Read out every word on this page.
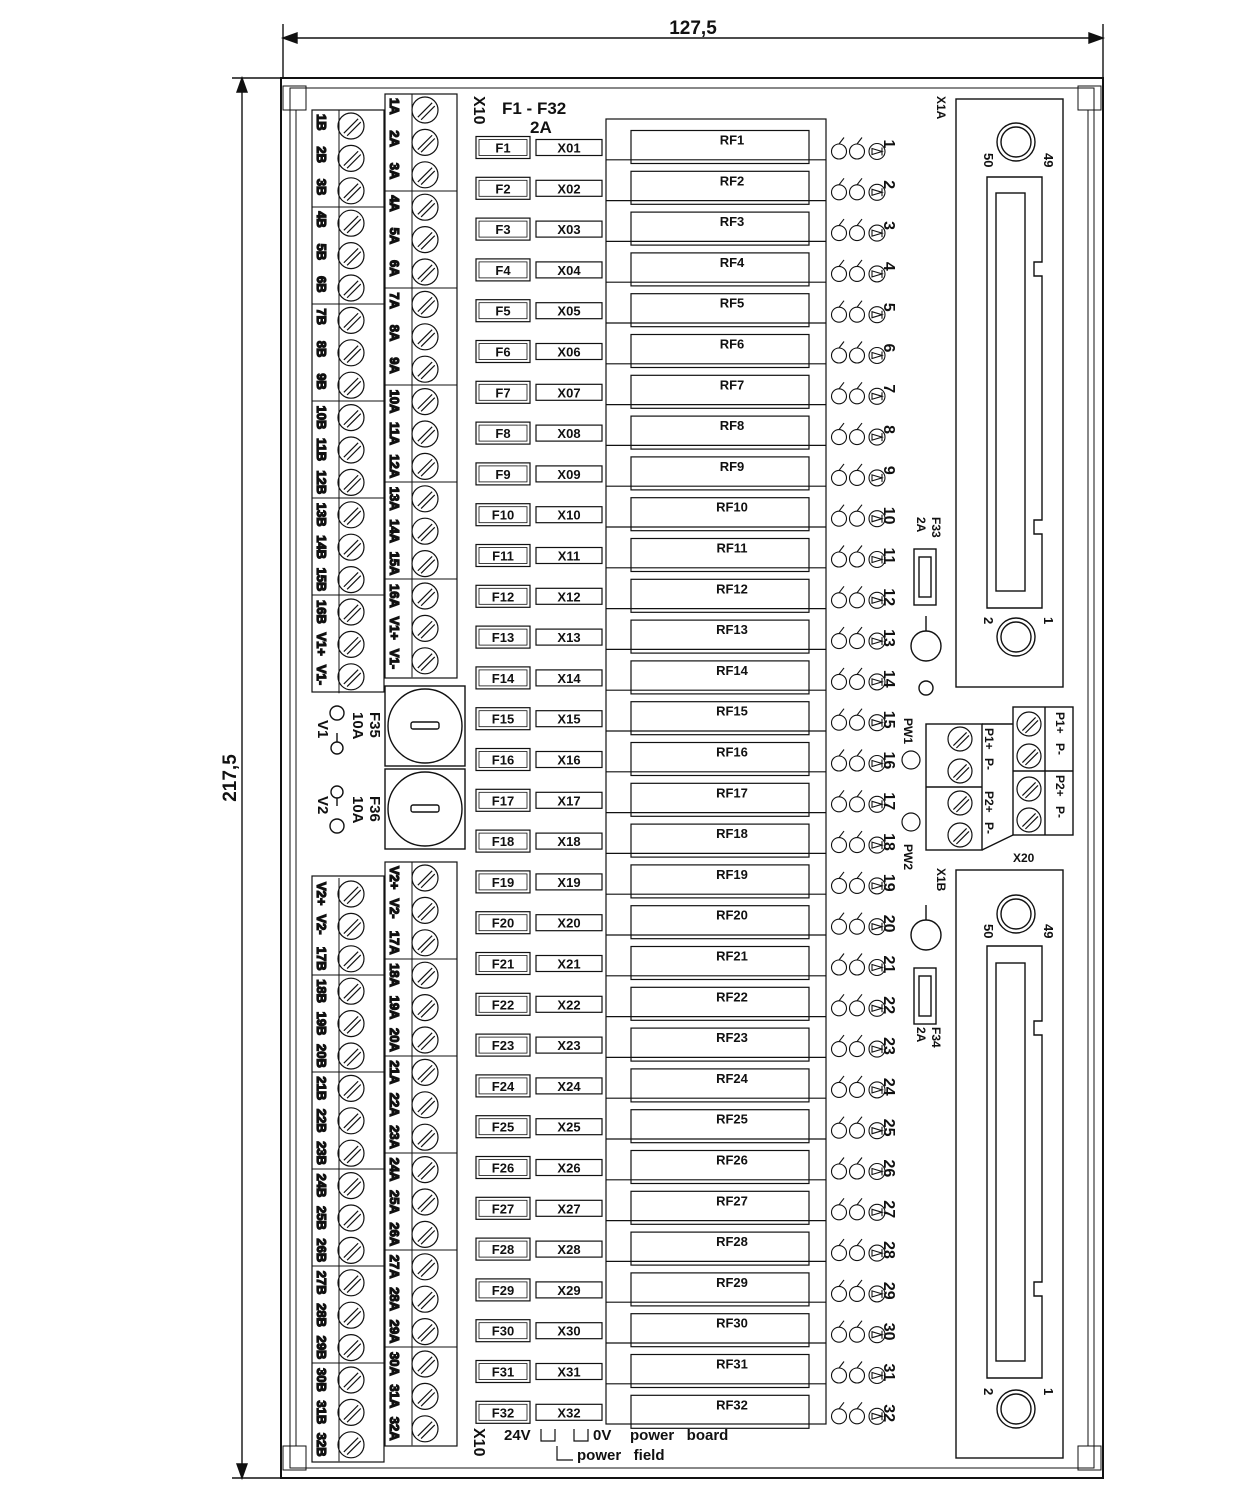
127,5
217,5
1A
2A
3A
4A
5A
6A
7A
8A
9A
10A
11A
12A
13A
14A
15A
16A
V1+
V1-
1B
2B
3B
4B
5B
6B
7B
8B
9B
10B
11B
12B
13B
14B
15B
16B
V1+
V1-
V2+
V2-
17A
18A
19A
20A
21A
22A
23A
24A
25A
26A
27A
28A
29A
30A
31A
32A
V2+
V2-
17B
18B
19B
20B
21B
22B
23B
24B
25B
26B
27B
28B
29B
30B
31B
32B
F35
10A
V1
F36
10A
V2
X10 F1 - F32
2A
X10
F1	X01
RF1	1
F2	X02
RF2	2
F3	X03
RF3	3
F4	X04
RF4	4
F5	X05
RF5	5
F6	X06
RF6	6
F7	X07
RF7	7
F8	X08
RF8	8
F9	X09
RF9	9
F10	X10
RF10	10
F11	X11
RF11	11
F12	X12
RF12	12
F13	X13
RF13	13
F14	X14
RF14	14
F15	X15
RF15	15
F16	X16
RF16	16
F17	X17
RF17	17
F18	X18
RF18	18
F19	X19
RF19	19
F20	X20
RF20	20
F21	X21
RF21	21
F22	X22
RF22	22
F23	X23
RF23	23
F24	X24
RF24	24
F25	X25
RF25	25
F26	X26
RF26	26
F27	X27
RF27	27
F28	X28
RF28	28
F29	X29
RF29	29
F30	X30
RF30	30
F31	X31
RF31	31
F32	X32
RF32	32
24V	0V power   board
power   field
X1A
50	49
2	1
X1B
50	49
2	1
F33
2A
F34
2A
X20
PW1
PW2
P1+
P-
P2+
P-
P1+
P-
P2+
P-
